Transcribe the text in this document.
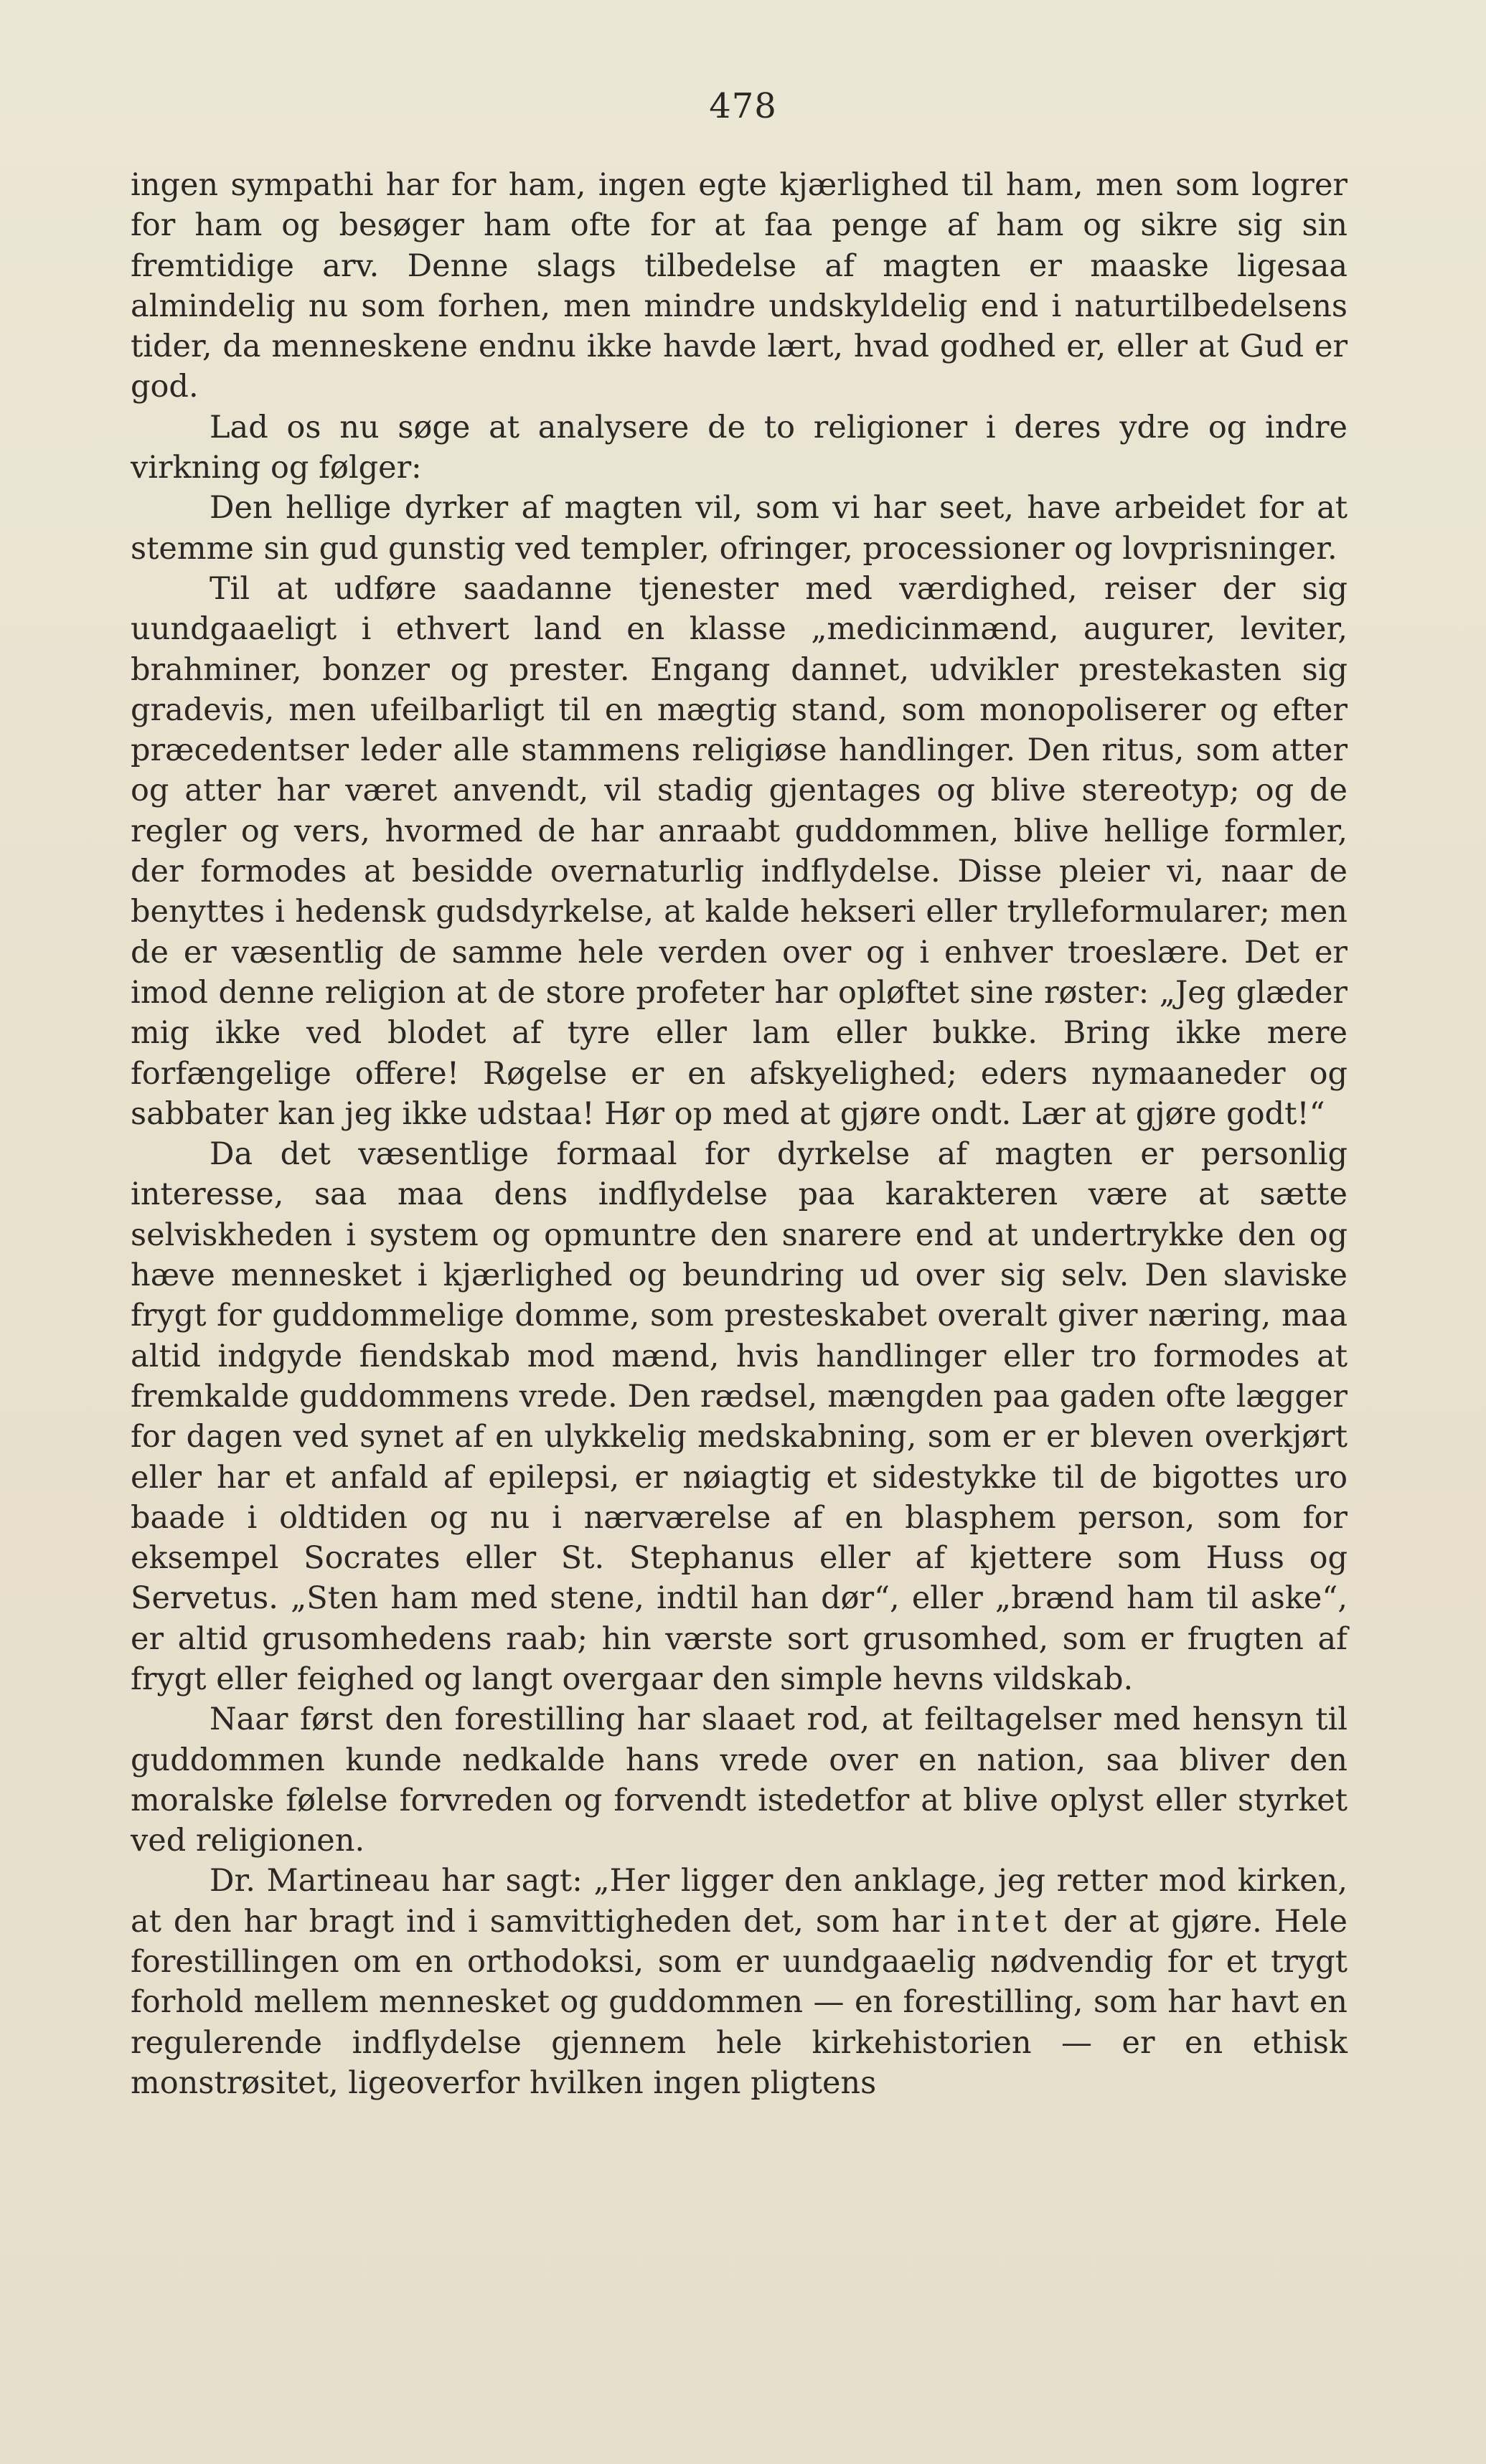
478

ingen sympathi har for ham, ingen egte kjærlighed til ham, men som logrer for ham og besøger ham ofte for at faa penge af ham og sikre sig sin fremtidige arv. Denne slags tilbedelse af magten er maaske ligesaa almindelig nu som forhen, men mindre undskyldelig end i naturtilbedelsens tider, da menneskene endnu ikke havde lært, hvad godhed er, eller at Gud er god.

Lad os nu søge at analysere de to religioner i deres ydre og indre virkning og følger:

Den hellige dyrker af magten vil, som vi har seet, have arbeidet for at stemme sin gud gunstig ved templer, ofringer, processioner og lovprisninger.

Til at udføre saadanne tjenester med værdighed, reiser der sig uundgaaeligt i ethvert land en klasse „medicinmænd, augurer, leviter, brahminer, bonzer og prester. Engang dannet, udvikler prestekasten sig gradevis, men ufeilbarligt til en mægtig stand, som monopoliserer og efter præcedentser leder alle stammens religiøse handlinger. Den ritus, som atter og atter har været anvendt, vil stadig gjentages og blive stereotyp; og de regler og vers, hvormed de har anraabt guddommen, blive hellige formler, der formodes at besidde overnaturlig indflydelse. Disse pleier vi, naar de benyttes i hedensk gudsdyrkelse, at kalde hekseri eller trylleformularer; men de er væsentlig de samme hele verden over og i enhver troeslære. Det er imod denne religion at de store profeter har opløftet sine røster: „Jeg glæder mig ikke ved blodet af tyre eller lam eller bukke. Bring ikke mere forfængelige offere! Røgelse er en afskyelighed; eders nymaaneder og sabbater kan jeg ikke udstaa! Hør op med at gjøre ondt. Lær at gjøre godt!“

Da det væsentlige formaal for dyrkelse af magten er personlig interesse, saa maa dens indflydelse paa karakteren være at sætte selviskheden i system og opmuntre den snarere end at undertrykke den og hæve mennesket i kjærlighed og beundring ud over sig selv. Den slaviske frygt for guddommelige domme, som presteskabet overalt giver næring, maa altid indgyde fiendskab mod mænd, hvis handlinger eller tro formodes at fremkalde guddommens vrede. Den rædsel, mængden paa gaden ofte lægger for dagen ved synet af en ulykkelig medskabning, som er er bleven overkjørt eller har et anfald af epilepsi, er nøiagtig et sidestykke til de bigottes uro baade i oldtiden og nu i nærværelse af en blasphem person, som for eksempel Socrates eller St. Stephanus eller af kjettere som Huss og Servetus. „Sten ham med stene, indtil han dør“, eller „brænd ham til aske“, er altid grusomhedens raab; hin værste sort grusomhed, som er frugten af frygt eller feighed og langt overgaar den simple hevns vildskab.

Naar først den forestilling har slaaet rod, at feiltagelser med hensyn til guddommen kunde nedkalde hans vrede over en nation, saa bliver den moralske følelse forvreden og forvendt istedetfor at blive oplyst eller styrket ved religionen.

Dr. Martineau har sagt: „Her ligger den anklage, jeg retter mod kirken, at den har bragt ind i samvittigheden det, som har intet der at gjøre. Hele forestillingen om en orthodoksi, som er uundgaaelig nødvendig for et trygt forhold mellem mennesket og guddommen — en forestilling, som har havt en regulerende indflydelse gjennem hele kirkehistorien — er en ethisk monstrøsitet, ligeoverfor hvilken ingen pligtens
